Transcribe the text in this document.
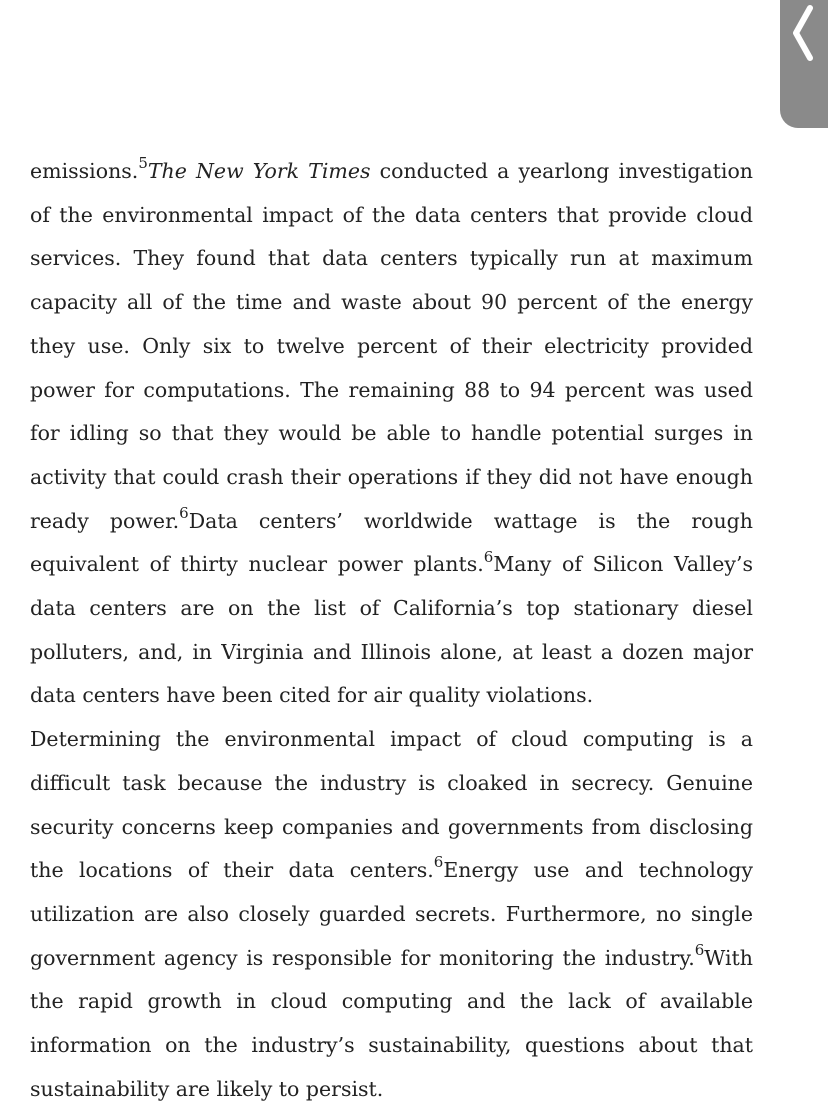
emissions.$^5$The New York Times conducted a yearlong investigation of the environmental impact of the data centers that provide cloud services. They found that data centers typically run at maximum capacity all of the time and waste about 90 percent of the energy they use. Only six to twelve percent of their electricity provided power for computations. The remaining 88 to 94 percent was used for idling so that they would be able to handle potential surges in activity that could crash their operations if they did not have enough ready power.$^6$Data centers’ worldwide wattage is the rough equivalent of thirty nuclear power plants.$^6$Many of Silicon Valley’s data centers are on the list of California’s top stationary diesel polluters, and, in Virginia and Illinois alone, at least a dozen major data centers have been cited for air quality violations.

Determining the environmental impact of cloud computing is a difficult task because the industry is cloaked in secrecy. Genuine security concerns keep companies and governments from disclosing the locations of their data centers.$^6$Energy use and technology utilization are also closely guarded secrets. Furthermore, no single government agency is responsible for monitoring the industry.$^6$With the rapid growth in cloud computing and the lack of available information on the industry’s sustainability, questions about that sustainability are likely to persist.
